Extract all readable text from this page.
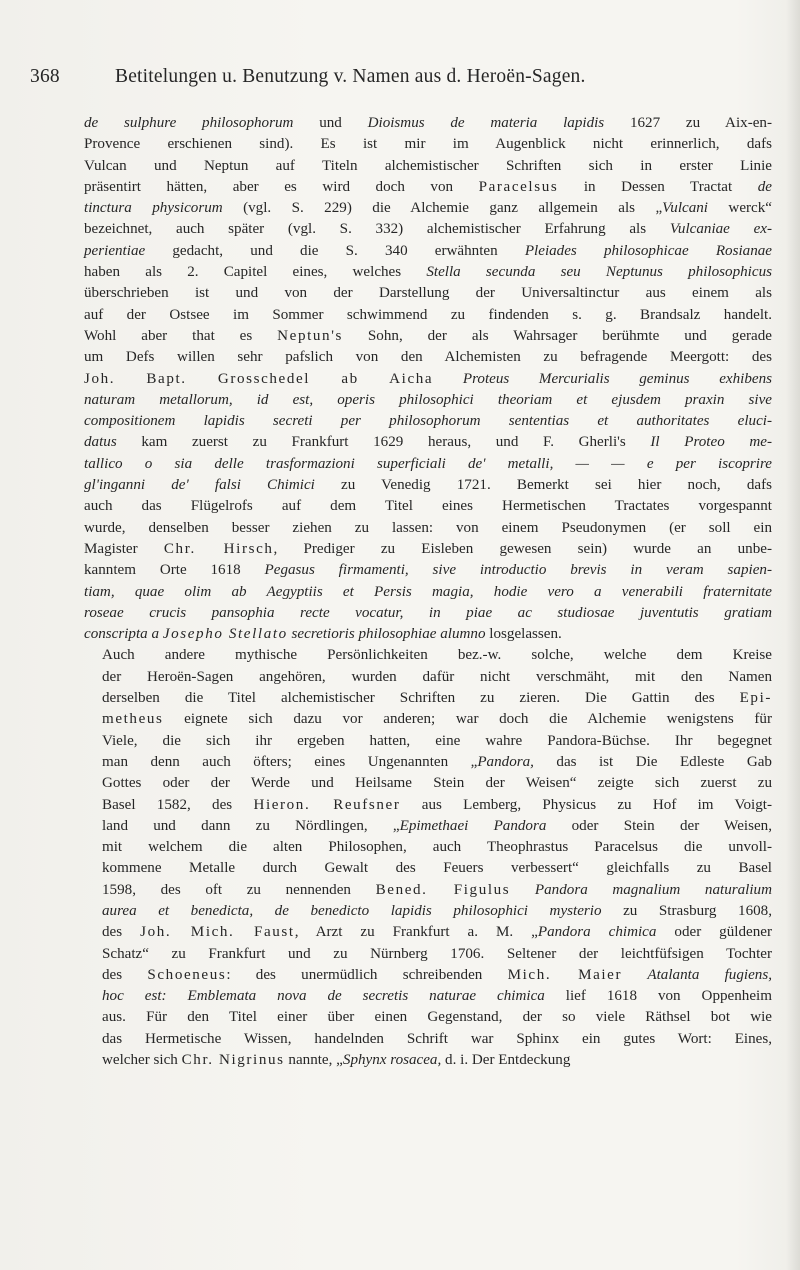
368	Betitelungen u. Benutzung v. Namen aus d. Heroën-Sagen.
de sulphure philosophorum und Dioismus de materia lapidis 1627 zu Aix-en-
Provence erschienen sind). Es ist mir im Augenblick nicht erinnerlich, dafs
Vulcan und Neptun auf Titeln alchemistischer Schriften sich in erster Linie
präsentirt hätten, aber es wird doch von Paracelsus in Dessen Tractat de
tinctura physicorum (vgl. S. 229) die Alchemie ganz allgemein als „Vulcani werck“
bezeichnet, auch später (vgl. S. 332) alchemistischer Erfahrung als Vulcaniae ex-
perientiae gedacht, und die S. 340 erwähnten Pleiades philosophicae Rosianae
haben als 2. Capitel eines, welches Stella secunda seu Neptunus philosophicus
überschrieben ist und von der Darstellung der Universaltinctur aus einem als
auf der Ostsee im Sommer schwimmend zu findenden s. g. Brandsalz handelt.
Wohl aber that es Neptun's Sohn, der als Wahrsager berühmte und gerade
um Defs willen sehr pafslich von den Alchemisten zu befragende Meergott: des
Joh. Bapt. Grosschedel ab Aicha Proteus Mercurialis geminus exhibens
naturam metallorum, id est, operis philosophici theoriam et ejusdem praxin sive
compositionem lapidis secreti per philosophorum sententias et authoritates eluci-
datus kam zuerst zu Frankfurt 1629 heraus, und F. Gherli's Il Proteo me-
tallico o sia delle trasformazioni superficiali de' metalli, — — e per iscoprire
gl'inganni de' falsi Chimici zu Venedig 1721. Bemerkt sei hier noch, dafs
auch das Flügelrofs auf dem Titel eines Hermetischen Tractates vorgespannt
wurde, denselben besser ziehen zu lassen: von einem Pseudonymen (er soll ein
Magister Chr. Hirsch, Prediger zu Eisleben gewesen sein) wurde an unbe-
kanntem Orte 1618 Pegasus firmamenti, sive introductio brevis in veram sapien-
tiam, quae olim ab Aegyptiis et Persis magia, hodie vero a venerabili fraternitate
roseae crucis pansophia recte vocatur, in piae ac studiosae juventutis gratiam
conscripta a Josepho Stellato secretioris philosophiae alumno losgelassen.
Auch andere mythische Persönlichkeiten bez.-w. solche, welche dem Kreise
der Heroën-Sagen angehören, wurden dafür nicht verschmäht, mit den Namen
derselben die Titel alchemistischer Schriften zu zieren. Die Gattin des Epi-
metheus eignete sich dazu vor anderen; war doch die Alchemie wenigstens für
Viele, die sich ihr ergeben hatten, eine wahre Pandora-Büchse. Ihr begegnet
man denn auch öfters; eines Ungenannten „Pandora, das ist Die Edleste Gab
Gottes oder der Werde und Heilsame Stein der Weisen“ zeigte sich zuerst zu
Basel 1582, des Hieron. Reufsner aus Lemberg, Physicus zu Hof im Voigt-
land und dann zu Nördlingen, „Epimethaei Pandora oder Stein der Weisen,
mit welchem die alten Philosophen, auch Theophrastus Paracelsus die unvoll-
kommene Metalle durch Gewalt des Feuers verbessert“ gleichfalls zu Basel
1598, des oft zu nennenden Bened. Figulus Pandora magnalium naturalium
aurea et benedicta, de benedicto lapidis philosophici mysterio zu Strasburg 1608,
des Joh. Mich. Faust, Arzt zu Frankfurt a. M. „Pandora chimica oder güldener
Schatz“ zu Frankfurt und zu Nürnberg 1706. Seltener der leichtfüfsigen Tochter
des Schoeneus: des unermüdlich schreibenden Mich. Maier Atalanta fugiens,
hoc est: Emblemata nova de secretis naturae chimica lief 1618 von Oppenheim
aus. Für den Titel einer über einen Gegenstand, der so viele Räthsel bot wie
das Hermetische Wissen, handelnden Schrift war Sphinx ein gutes Wort: Eines,
welcher sich Chr. Nigrinus nannte, „Sphynx rosacea, d. i. Der Entdeckung
